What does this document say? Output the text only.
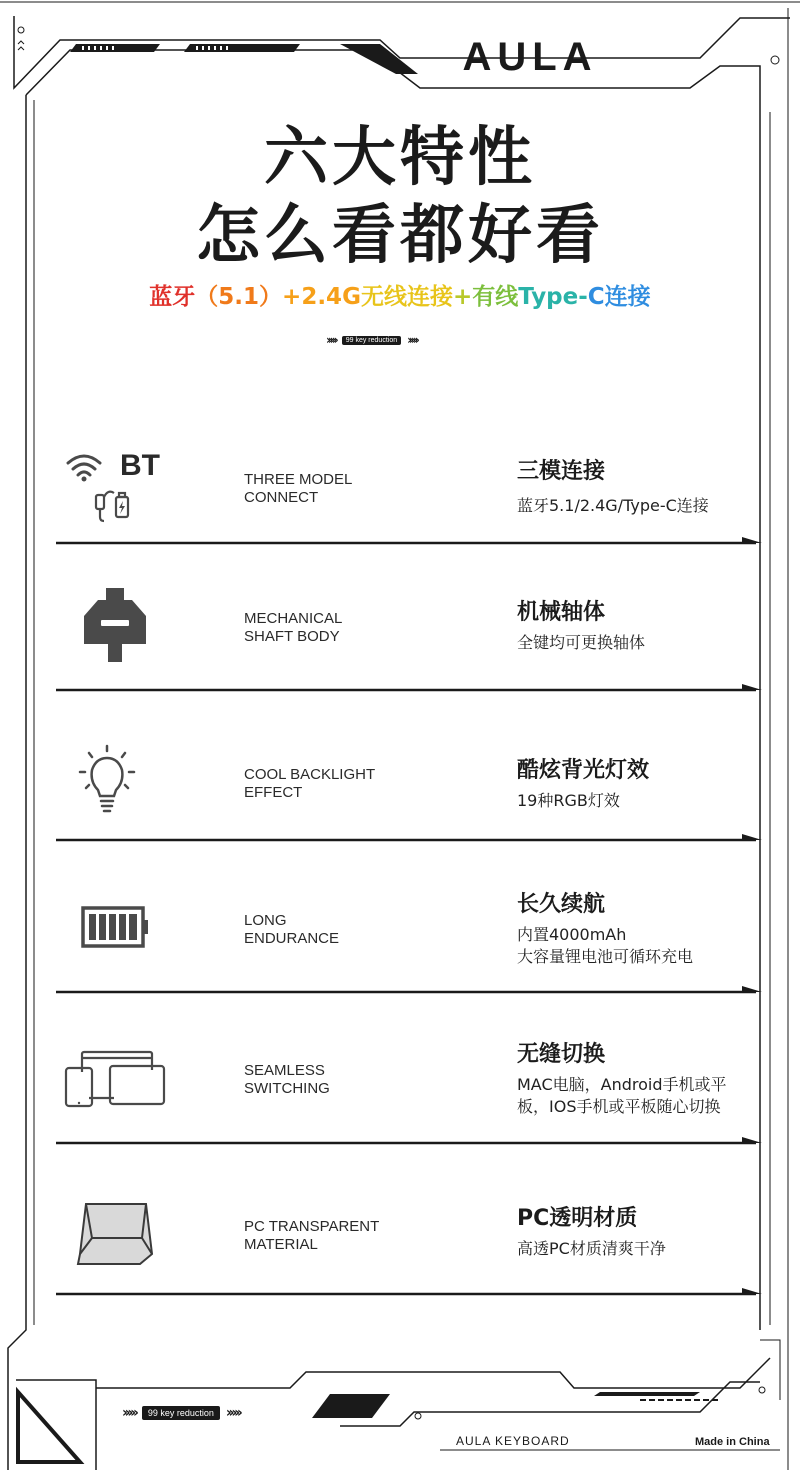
AULA
六大特性
怎么看都好看
蓝牙（5.1）+2.4G无线连接+有线Type-C连接
›››››	99 key reduction ›››››
BT	THREE MODEL
CONNECT
三模连接
蓝牙5.1/2.4G/Type-C连接
MECHANICAL
SHAFT BODY
机械轴体
全键均可更换轴体
COOL BACKLIGHT
EFFECT
酷炫背光灯效
19种RGB灯效
LONG
ENDURANCE
长久续航
内置4000mAh
大容量锂电池可循环充电
SEAMLESS
SWITCHING
无缝切换
MAC电脑，Android手机或平
板，IOS手机或平板随心切换
PC TRANSPARENT
MATERIAL
PC透明材质
高透PC材质清爽干净
›››››	99 key reduction ›››››
AULA KEYBOARD	Made in China
